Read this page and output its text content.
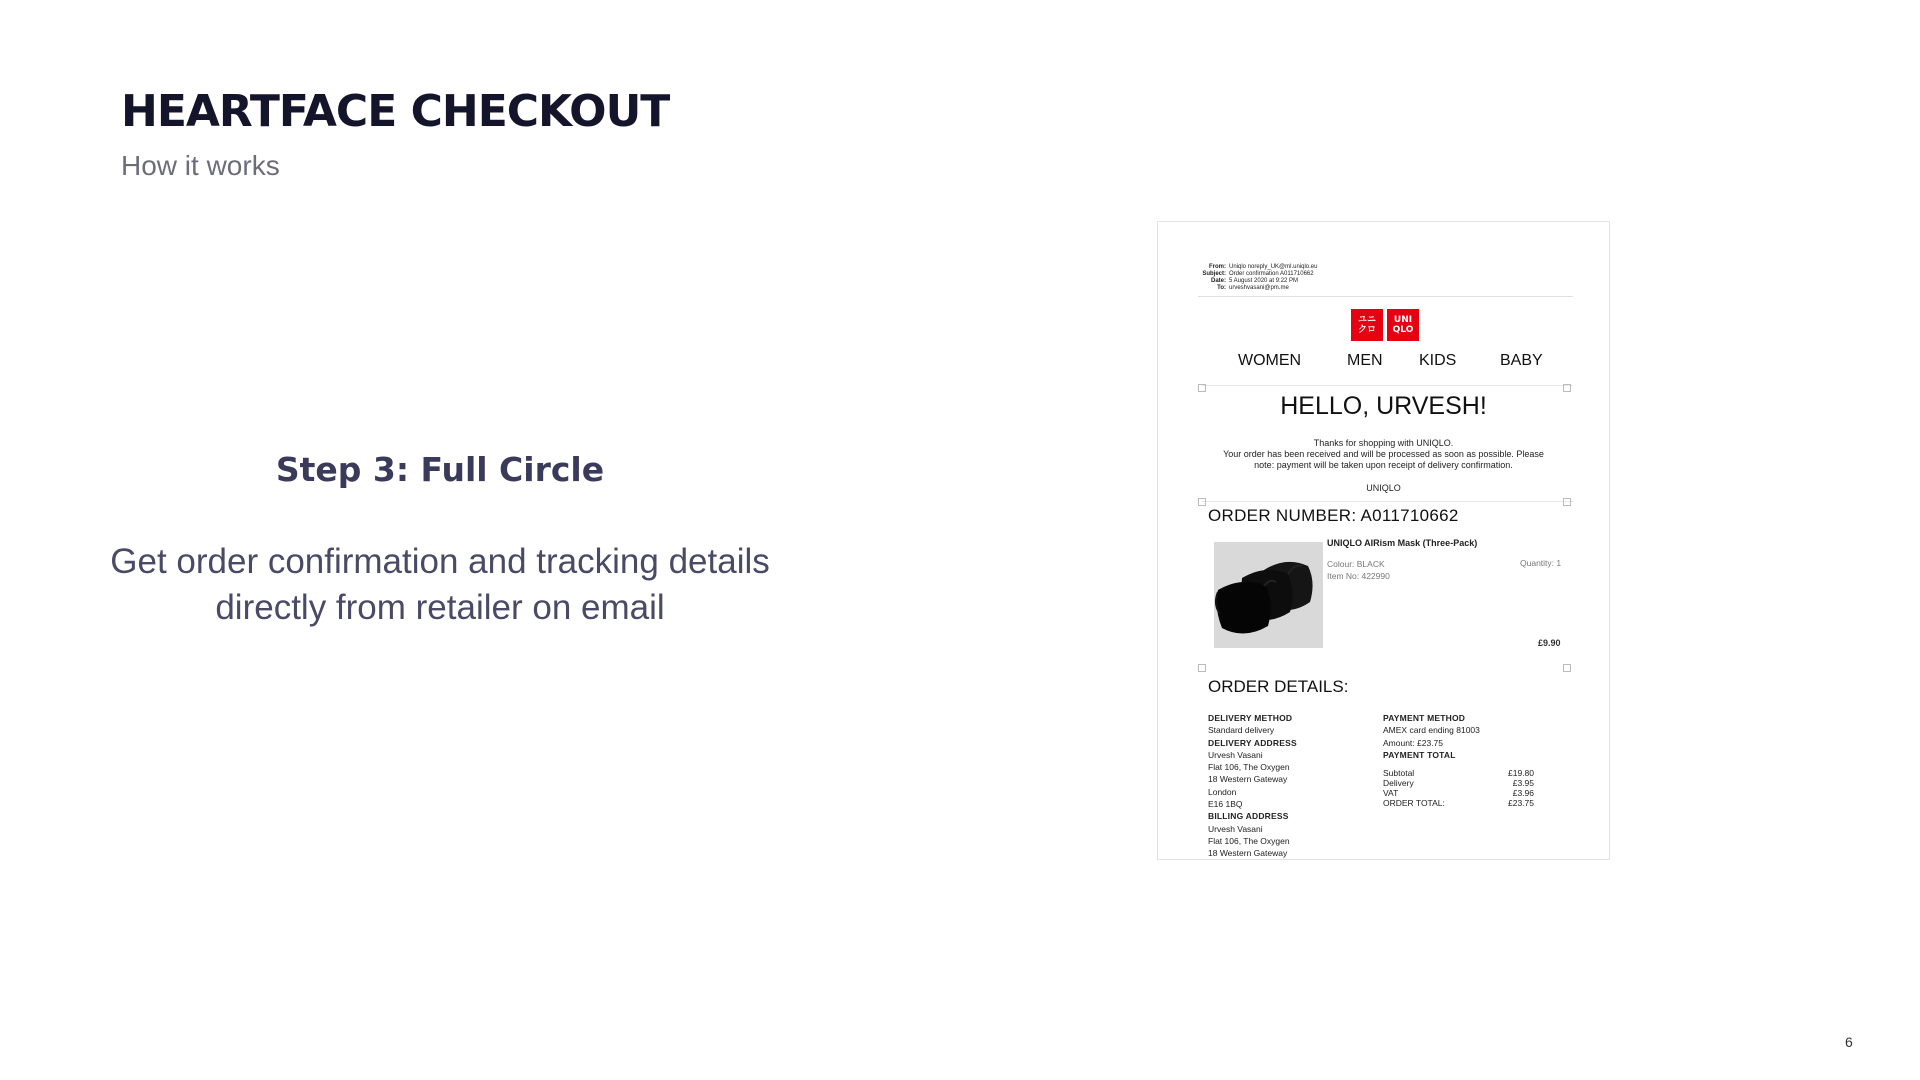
HEARTFACE CHECKOUT
How it works
Step 3: Full Circle
Get order confirmation and tracking details
directly from retailer on email
From: Uniqlo noreply_UK@ml.uniqlo.eu
Subject: Order confirmation A011710662
Date: 5 August 2020 at 9:22 PM
To: urveshvasani@pm.me
ユニ
クロ
UNI
QLO
WOMEN	MEN KIDS	BABY
HELLO, URVESH!
Thanks for shopping with UNIQLO.
Your order has been received and will be processed as soon as possible. Please
note: payment will be taken upon receipt of delivery confirmation.
UNIQLO
ORDER NUMBER: A011710662
UNIQLO AIRism Mask (Three-Pack)
Colour: BLACK
Item No: 422990
Quantity: 1
£9.90
ORDER DETAILS:
DELIVERY METHOD
Standard delivery
DELIVERY ADDRESS
Urvesh Vasani
Flat 106, The Oxygen
18 Western Gateway
London
E16 1BQ
BILLING ADDRESS
Urvesh Vasani
Flat 106, The Oxygen
18 Western Gateway
PAYMENT METHOD
AMEX card ending 81003
Amount: £23.75
PAYMENT TOTAL
Subtotal	£19.80
Delivery	£3.95
VAT	£3.96
ORDER TOTAL:	£23.75
6
